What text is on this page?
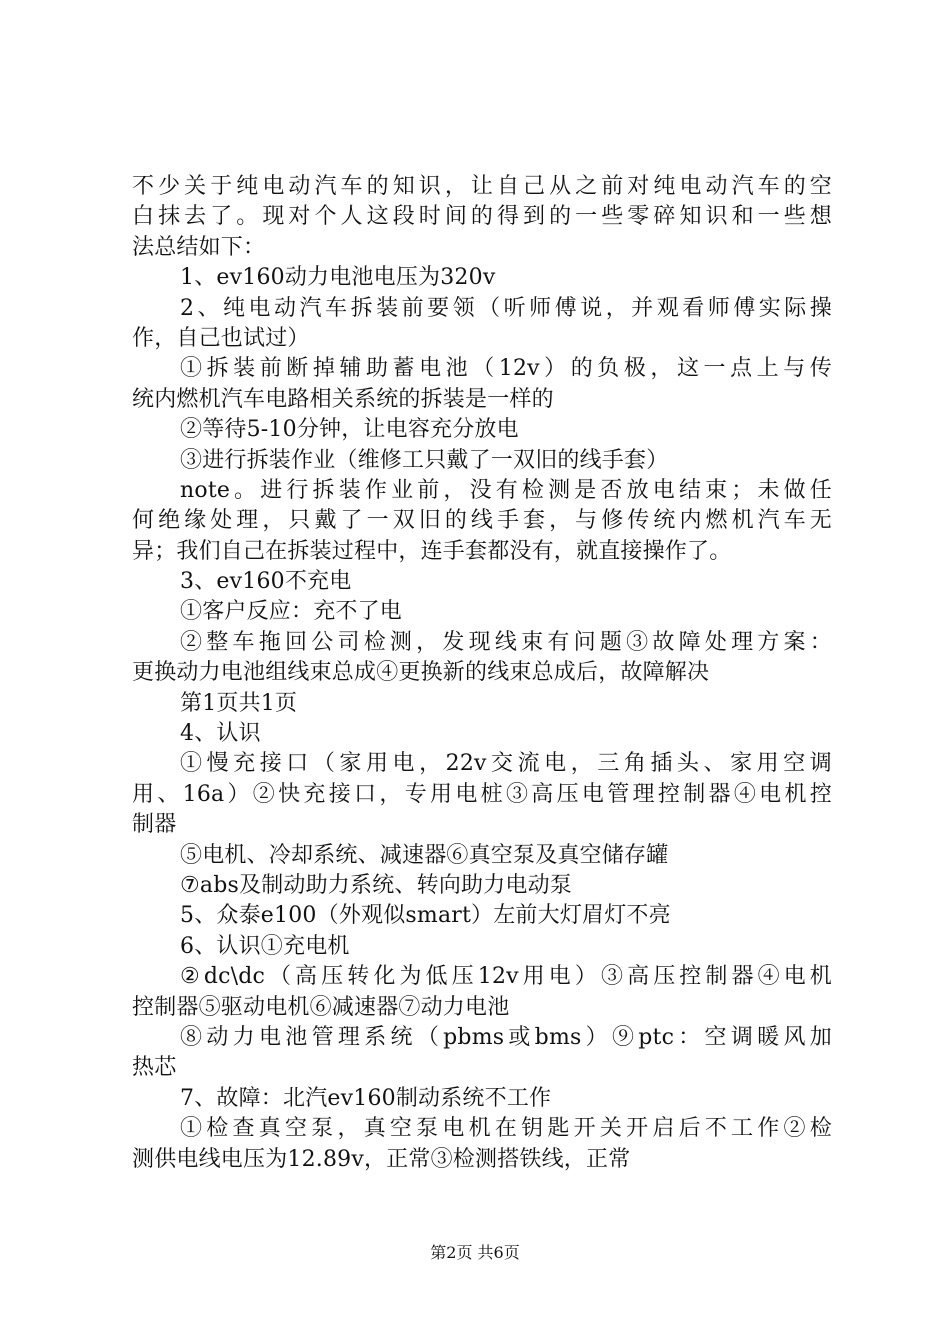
不少关于纯电动汽车的知识，让自己从之前对纯电动汽车的空
白抹去了。现对个人这段时间的得到的一些零碎知识和一些想
法总结如下：
1、ev160动力电池电压为320v
2、纯电动汽车拆装前要领（听师傅说，并观看师傅实际操
作，自己也试过）
①拆装前断掉辅助蓄电池（12v）的负极，这一点上与传
统内燃机汽车电路相关系统的拆装是一样的
②等待5-10分钟，让电容充分放电
③进行拆装作业（维修工只戴了一双旧的线手套）
note。进行拆装作业前，没有检测是否放电结束；未做任
何绝缘处理，只戴了一双旧的线手套，与修传统内燃机汽车无
异；我们自己在拆装过程中，连手套都没有，就直接操作了。
3、ev160不充电
①客户反应：充不了电
②整车拖回公司检测，发现线束有问题③故障处理方案：
更换动力电池组线束总成④更换新的线束总成后，故障解决
第1页共1页
4、认识
①慢充接口（家用电，22v交流电，三角插头、家用空调
用、16a）②快充接口，专用电桩③高压电管理控制器④电机控
制器
⑤电机、冷却系统、减速器⑥真空泵及真空储存罐
⑦abs及制动助力系统、转向助力电动泵
5、众泰e100（外观似smart）左前大灯眉灯不亮
6、认识①充电机
②dc\dc（高压转化为低压12v用电）③高压控制器④电机
控制器⑤驱动电机⑥减速器⑦动力电池
⑧动力电池管理系统（pbms或bms）⑨ptc：空调暖风加
热芯
7、故障：北汽ev160制动系统不工作
①检查真空泵，真空泵电机在钥匙开关开启后不工作②检
测供电线电压为12.89v，正常③检测搭铁线，正常
第2页 共6页
